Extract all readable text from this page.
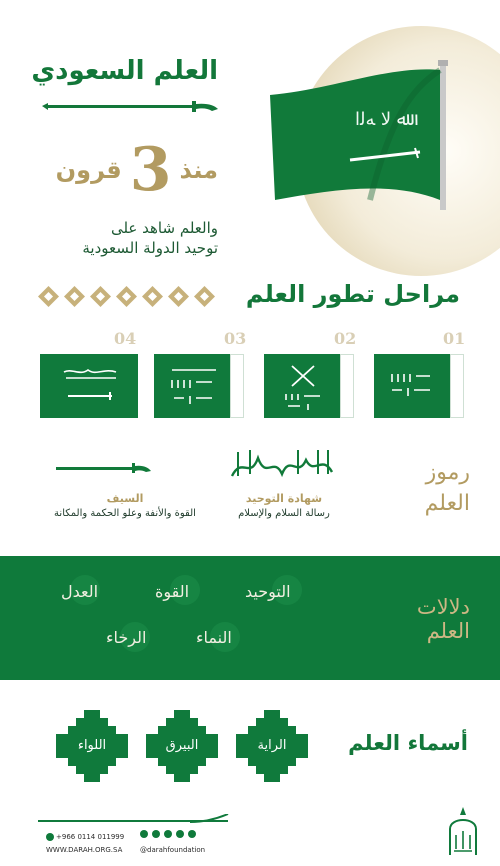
ﷲ ﻻ ﻪﻟﺍ
العلم السعودي
منذ
3
قرون
والعلم شاهد على
توحيد الدولة السعودية
مراحل تطور العلم
01
02
03
04
رموز
العلم
شهادة التوحيد
رسالة السلام والإسلام
السيف
القوة والأنفة وعلو الحكمة والمكانة
دلالات
العلم
التوحيد
القوة
العدل
النماء
الرخاء
أسماء العلم
الراية
البيرق
اللواء
+966 0114 011999
WWW.DARAH.ORG.SA	@darahfoundation
